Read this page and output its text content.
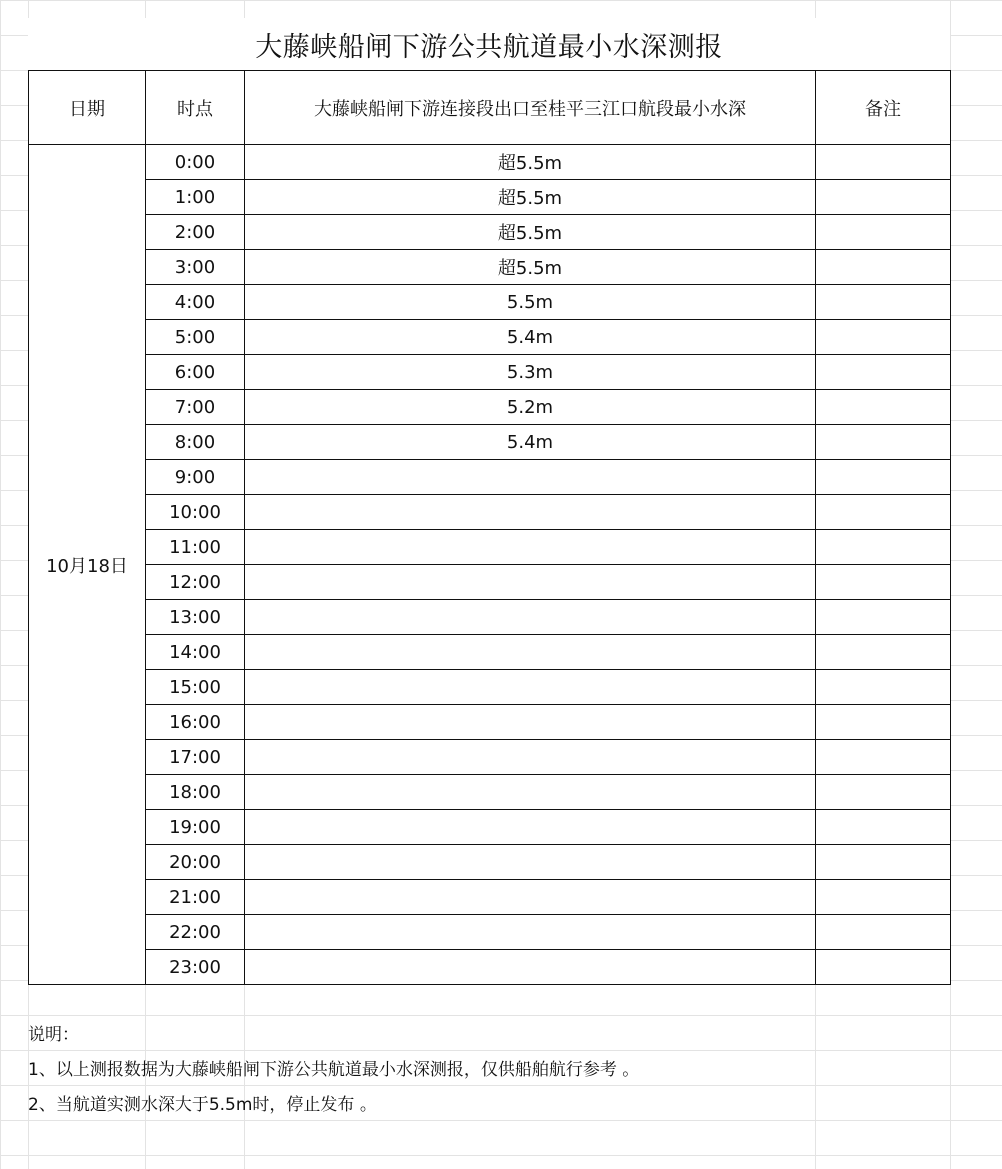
大藤峡船闸下游公共航道最小水深测报
日期	时点	大藤峡船闸下游连接段出口至桂平三江口航段最小水深	备注
10月18日	0:00	超5.5m	
	1:00	超5.5m	
	2:00	超5.5m	
	3:00	超5.5m	
	4:00	5.5m	
	5:00	5.4m	
	6:00	5.3m	
	7:00	5.2m	
	8:00	5.4m	
	9:00		
	10:00		
	11:00		
	12:00		
	13:00		
	14:00		
	15:00		
	16:00		
	17:00		
	18:00		
	19:00		
	20:00		
	21:00		
	22:00		
	23:00		
说明：
1、以上测报数据为大藤峡船闸下游公共航道最小水深测报，仅供船舶航行参考 。
2、当航道实测水深大于5.5m时，停止发布 。
